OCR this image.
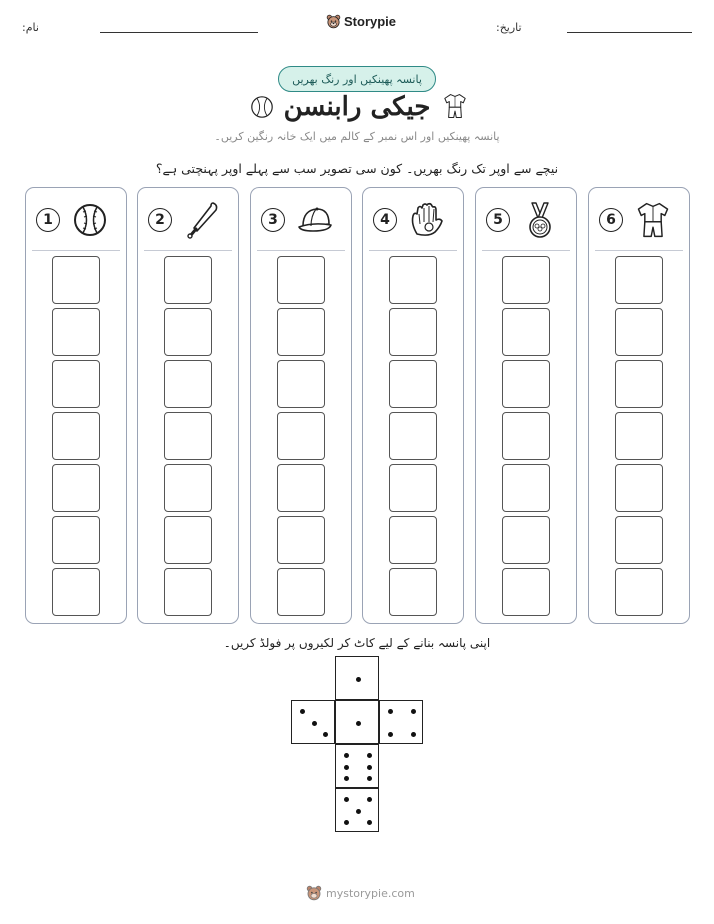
نام:	Storypie	تاریخ:
پانسہ پھینکیں اور رنگ بھریں
جیکی رابنسن
پانسہ پھینکیں اور اس نمبر کے کالم میں ایک خانہ رنگین کریں۔
نیچے سے اوپر تک رنگ بھریں۔ کون سی تصویر سب سے پہلے اوپر پہنچتی ہے؟
1	2	3	4	5	6
اپنی پانسہ بنانے کے لیے کاٹ کر لکیروں پر فولڈ کریں۔
mystorypie.com
